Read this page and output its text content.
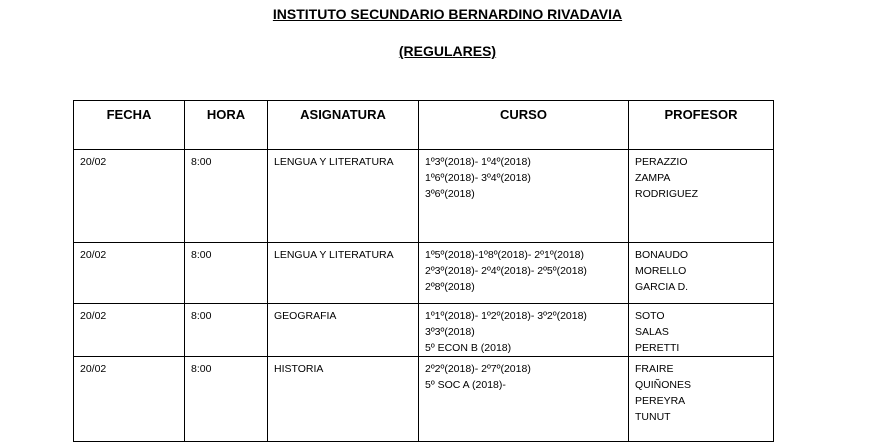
INSTITUTO SECUNDARIO BERNARDINO RIVADAVIA
(REGULARES)
FECHA	HORA	ASIGNATURA	CURSO	PROFESOR
20/02	8:00	LENGUA Y LITERATURA	1º3º(2018)- 1º4º(2018)
1º6º(2018)- 3º4º(2018)
3º6º(2018)	PERAZZIO
ZAMPA
RODRIGUEZ

20/02	8:00	LENGUA Y LITERATURA	1º5º(2018)-1º8º(2018)- 2º1º(2018)
2º3º(2018)- 2º4º(2018)- 2º5º(2018)
2º8º(2018)	BONAUDO
MORELLO
GARCIA D.

20/02	8:00	GEOGRAFIA	1º1º(2018)- 1º2º(2018)- 3º2º(2018)
3º3º(2018)
5º ECON B (2018)	SOTO
SALAS
PERETTI

20/02	8:00	HISTORIA	2º2º(2018)- 2º7º(2018)
5º SOC A (2018)-	FRAIRE
QUIÑONES
PEREYRA
TUNUT
